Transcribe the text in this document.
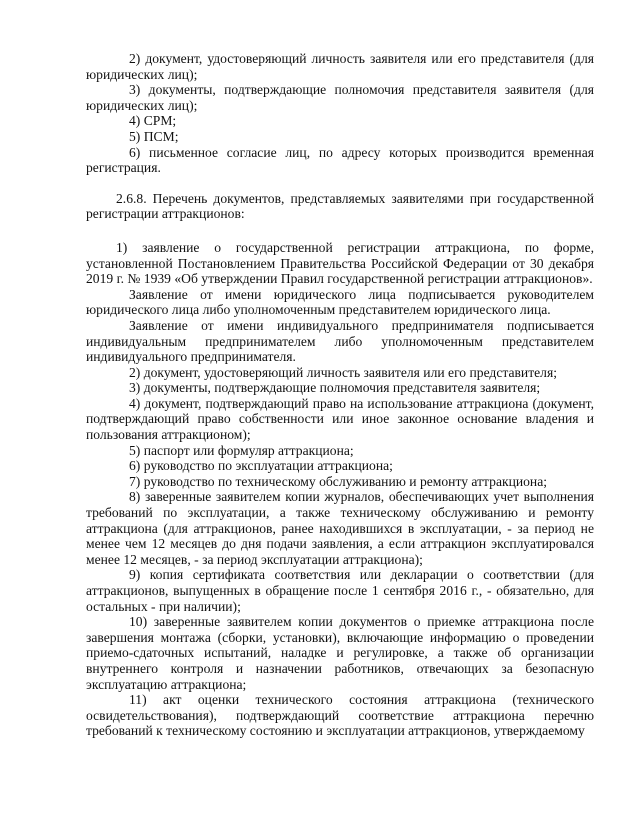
2) документ, удостоверяющий личность заявителя или его представителя (для юридических лиц);

3) документы, подтверждающие полномочия представителя заявителя (для юридических лиц);

4) СРМ;

5) ПСМ;

6) письменное согласие лиц, по адресу которых производится временная регистрация.

2.6.8. Перечень документов, представляемых заявителями при государственной регистрации аттракционов:

1) заявление о государственной регистрации аттракциона, по форме, установленной Постановлением Правительства Российской Федерации от 30 декабря 2019 г. № 1939 «Об утверждении Правил государственной регистрации аттракционов».

Заявление от имени юридического лица подписывается руководителем юридического лица либо уполномоченным представителем юридического лица.

Заявление от имени индивидуального предпринимателя подписывается индивидуальным предпринимателем либо уполномоченным представителем индивидуального предпринимателя.

2) документ, удостоверяющий личность заявителя или его представителя;

3) документы, подтверждающие полномочия представителя заявителя;

4) документ, подтверждающий право на использование аттракциона (документ, подтверждающий право собственности или иное законное основание владения и пользования аттракционом);

5) паспорт или формуляр аттракциона;

6) руководство по эксплуатации аттракциона;

7) руководство по техническому обслуживанию и ремонту аттракциона;

8) заверенные заявителем копии журналов, обеспечивающих учет выполнения требований по эксплуатации, а также техническому обслуживанию и ремонту аттракциона (для аттракционов, ранее находившихся в эксплуатации, - за период не менее чем 12 месяцев до дня подачи заявления, а если аттракцион эксплуатировался менее 12 месяцев, - за период эксплуатации аттракциона);

9) копия сертификата соответствия или декларации о соответствии (для аттракционов, выпущенных в обращение после 1 сентября 2016 г., - обязательно, для остальных - при наличии);

10) заверенные заявителем копии документов о приемке аттракциона после завершения монтажа (сборки, установки), включающие информацию о проведении приемо-сдаточных испытаний, наладке и регулировке, а также об организации внутреннего контроля и назначении работников, отвечающих за безопасную эксплуатацию аттракциона;

11) акт оценки технического состояния аттракциона (технического освидетельствования), подтверждающий соответствие аттракциона перечню требований к техническому состоянию и эксплуатации аттракционов, утверждаемому
